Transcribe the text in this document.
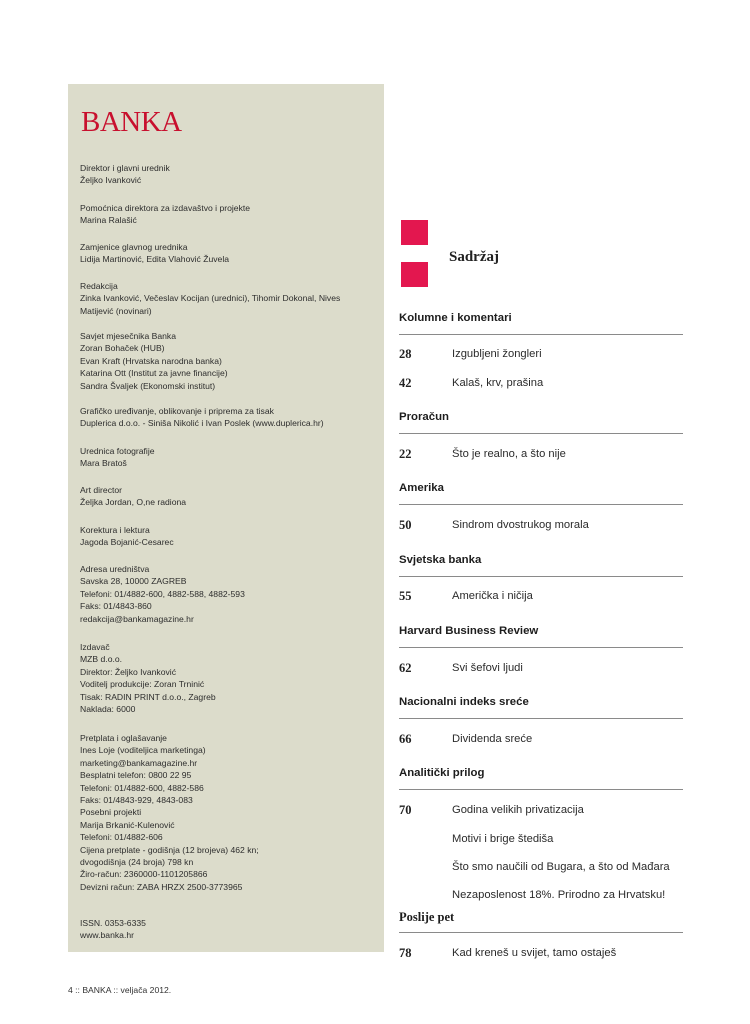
BANKA
Direktor i glavni urednik
Željko Ivanković
Pomoćnica direktora za izdavaštvo i projekte
Marina Ralašić
Zamjenice glavnog urednika
Lidija Martinović, Edita Vlahović Žuvela
Redakcija
Zinka Ivanković, Večeslav Kocijan (urednici), Tihomir Dokonal, Nives
Matijević (novinari)
Savjet mjesečnika Banka
Zoran Bohaček (HUB)
Evan Kraft (Hrvatska narodna banka)
Katarina Ott (Institut za javne financije)
Sandra Švaljek (Ekonomski institut)
Grafičko uređivanje, oblikovanje i priprema za tisak
Duplerica d.o.o. - Siniša Nikolić i Ivan Poslek (www.duplerica.hr)
Urednica fotografije
Mara Bratoš
Art director
Željka Jordan, O,ne radiona
Korektura i lektura
Jagoda Bojanić-Cesarec
Adresa uredništva
Savska 28, 10000 ZAGREB
Telefoni: 01/4882-600, 4882-588, 4882-593
Faks: 01/4843-860
redakcija@bankamagazine.hr
Izdavač
MZB d.o.o.
Direktor: Željko Ivanković
Voditelj produkcije: Zoran Trninić
Tisak: RADIN PRINT d.o.o., Zagreb
Naklada: 6000
Pretplata i oglašavanje
Ines Loje (voditeljica marketinga)
marketing@bankamagazine.hr
Besplatni telefon: 0800 22 95
Telefoni: 01/4882-600, 4882-586
Faks: 01/4843-929, 4843-083
Posebni projekti
Marija Brkanić-Kulenović
Telefoni: 01/4882-606
Cijena pretplate - godišnja (12 brojeva) 462 kn;
dvogodišnja (24 broja) 798 kn
Žiro-račun: 2360000-1101205866
Devizni račun: ZABA HRZX 2500-3773965
ISSN. 0353-6335
www.banka.hr
Sadržaj
Kolumne i komentari
28	Izgubljeni žongleri
42	Kalaš, krv, prašina
Proračun
22	Što je realno, a što nije
Amerika
50	Sindrom dvostrukog morala
Svjetska banka
55	Američka i ničija
Harvard Business Review
62	Svi šefovi ljudi
Nacionalni indeks sreće
66	Dividenda sreće
Analitički prilog
70	Godina velikih privatizacija
Motivi i brige štediša
Što smo naučili od Bugara, a što od Mađara
Nezaposlenost 18%. Prirodno za Hrvatsku!
Poslije pet
78	Kad kreneš u svijet, tamo ostaješ
4 :: BANKA :: veljača 2012.
